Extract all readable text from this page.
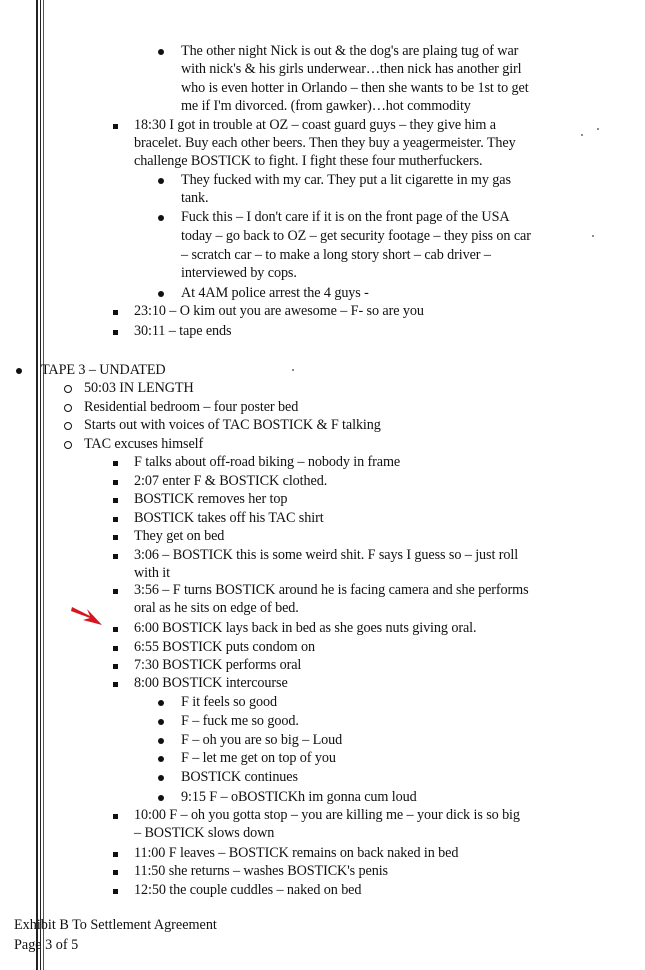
The other night Nick is out & the dog's are plaing tug of war
with nick's & his girls underwear…then nick has another girl
who is even hotter in Orlando – then she wants to be 1st to get
me if I'm divorced. (from gawker)…hot commodity
18:30 I got in trouble at OZ – coast guard guys – they give him a
bracelet. Buy each other beers. Then they buy a yeagermeister. They
challenge BOSTICK to fight. I fight these four mutherfuckers.
They fucked with my car. They put a lit cigarette in my gas
tank.
Fuck this – I don't care if it is on the front page of the USA
today – go back to OZ – get security footage – they piss on car
– scratch car – to make a long story short – cab driver –
interviewed by cops.
At 4AM police arrest the 4 guys -
23:10 – O kim out you are awesome – F- so are you
30:11 – tape ends
TAPE 3 – UNDATED
50:03 IN LENGTH
Residential bedroom – four poster bed
Starts out with voices of TAC BOSTICK & F talking
TAC excuses himself
F talks about off-road biking – nobody in frame
2:07 enter F & BOSTICK clothed.
BOSTICK removes her top
BOSTICK takes off his TAC shirt
They get on bed
3:06 – BOSTICK this is some weird shit. F says I guess so – just roll
with it
3:56 – F turns BOSTICK around he is facing camera and she performs
oral as he sits on edge of bed.
6:00 BOSTICK lays back in bed as she goes nuts giving oral.
6:55 BOSTICK puts condom on
7:30 BOSTICK performs oral
8:00 BOSTICK intercourse
F it feels so good
F – fuck me so good.
F – oh you are so big – Loud
F – let me get on top of you
BOSTICK continues
9:15 F – oBOSTICKh im gonna cum loud
10:00 F – oh you gotta stop – you are killing me – your dick is so big
– BOSTICK slows down
11:00 F leaves – BOSTICK remains on back naked in bed
11:50 she returns – washes BOSTICK's penis
12:50 the couple cuddles – naked on bed
Exhibit B To Settlement Agreement
Page 3 of 5
